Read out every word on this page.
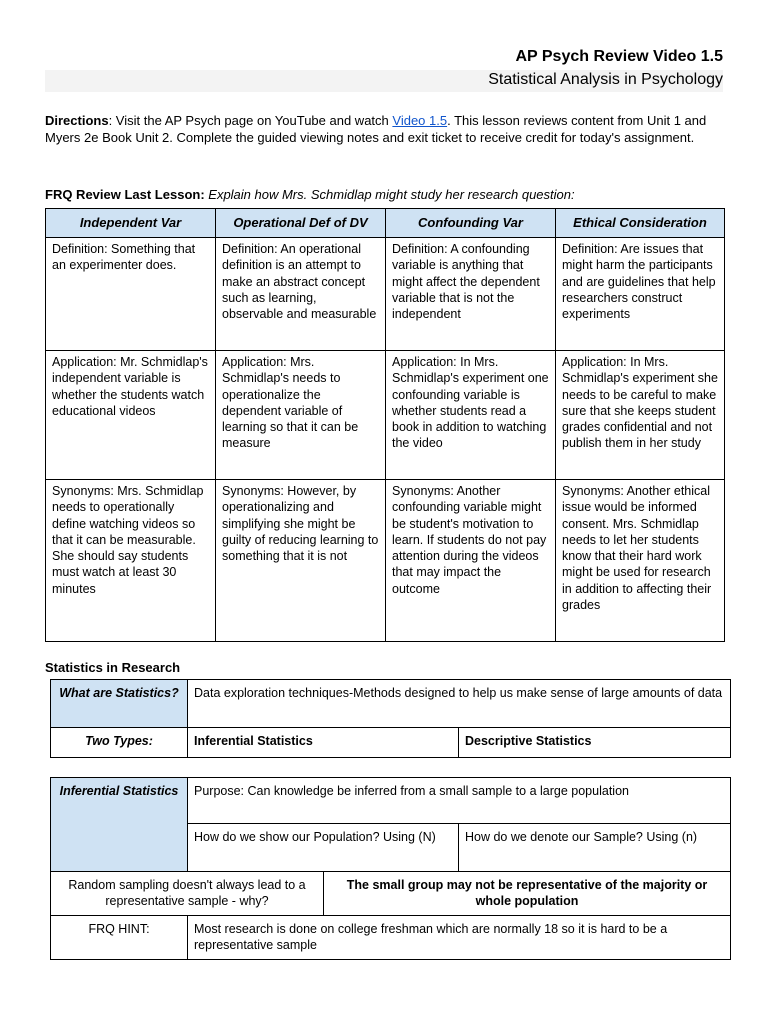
AP Psych Review Video 1.5
Statistical Analysis in Psychology
Directions: Visit the AP Psych page on YouTube and watch Video 1.5. This lesson reviews content from Unit 1 and Myers 2e Book Unit 2. Complete the guided viewing notes and exit ticket to receive credit for today's assignment.
FRQ Review Last Lesson: Explain how Mrs. Schmidlap might study her research question:
Independent Var	Operational Def of DV	Confounding Var	Ethical Consideration
Definition: Something that an experimenter does.	Definition: An operational definition is an attempt to make an abstract concept such as learning, observable and measurable	Definition: A confounding variable is anything that might affect the dependent variable that is not the independent	Definition: Are issues that might harm the participants and are guidelines that help researchers construct experiments
Application: Mr. Schmidlap's independent variable is whether the students watch educational videos	Application: Mrs. Schmidlap's needs to operationalize the dependent variable of learning so that it can be measure	Application: In Mrs. Schmidlap's experiment one confounding variable is whether students read a book in addition to watching the video	Application: In Mrs. Schmidlap's experiment she needs to be careful to make sure that she keeps student grades confidential and not publish them in her study
Synonyms: Mrs. Schmidlap needs to operationally define watching videos so that it can be measurable. She should say students must watch at least 30 minutes	Synonyms: However, by operationalizing and simplifying she might be guilty of reducing learning to something that it is not	Synonyms: Another confounding variable might be student's motivation to learn. If students do not pay attention during the videos that may impact the outcome	Synonyms: Another ethical issue would be informed consent. Mrs. Schmidlap needs to let her students know that their hard work might be used for research in addition to affecting their grades
Statistics in Research
What are Statistics?	Data exploration techniques-Methods designed to help us make sense of large amounts of data	
Two Types:	Inferential Statistics	Descriptive Statistics
Inferential Statistics	Purpose: Can knowledge be inferred from a small sample to a large population		
	How do we show our Population? Using (N)		How do we denote our Sample? Using (n)
Random sampling doesn't always lead to a representative sample - why?		The small group may not be representative of the majority or whole population	
FRQ HINT:	Most research is done on college freshman which are normally 18 so it is hard to be a representative sample		
